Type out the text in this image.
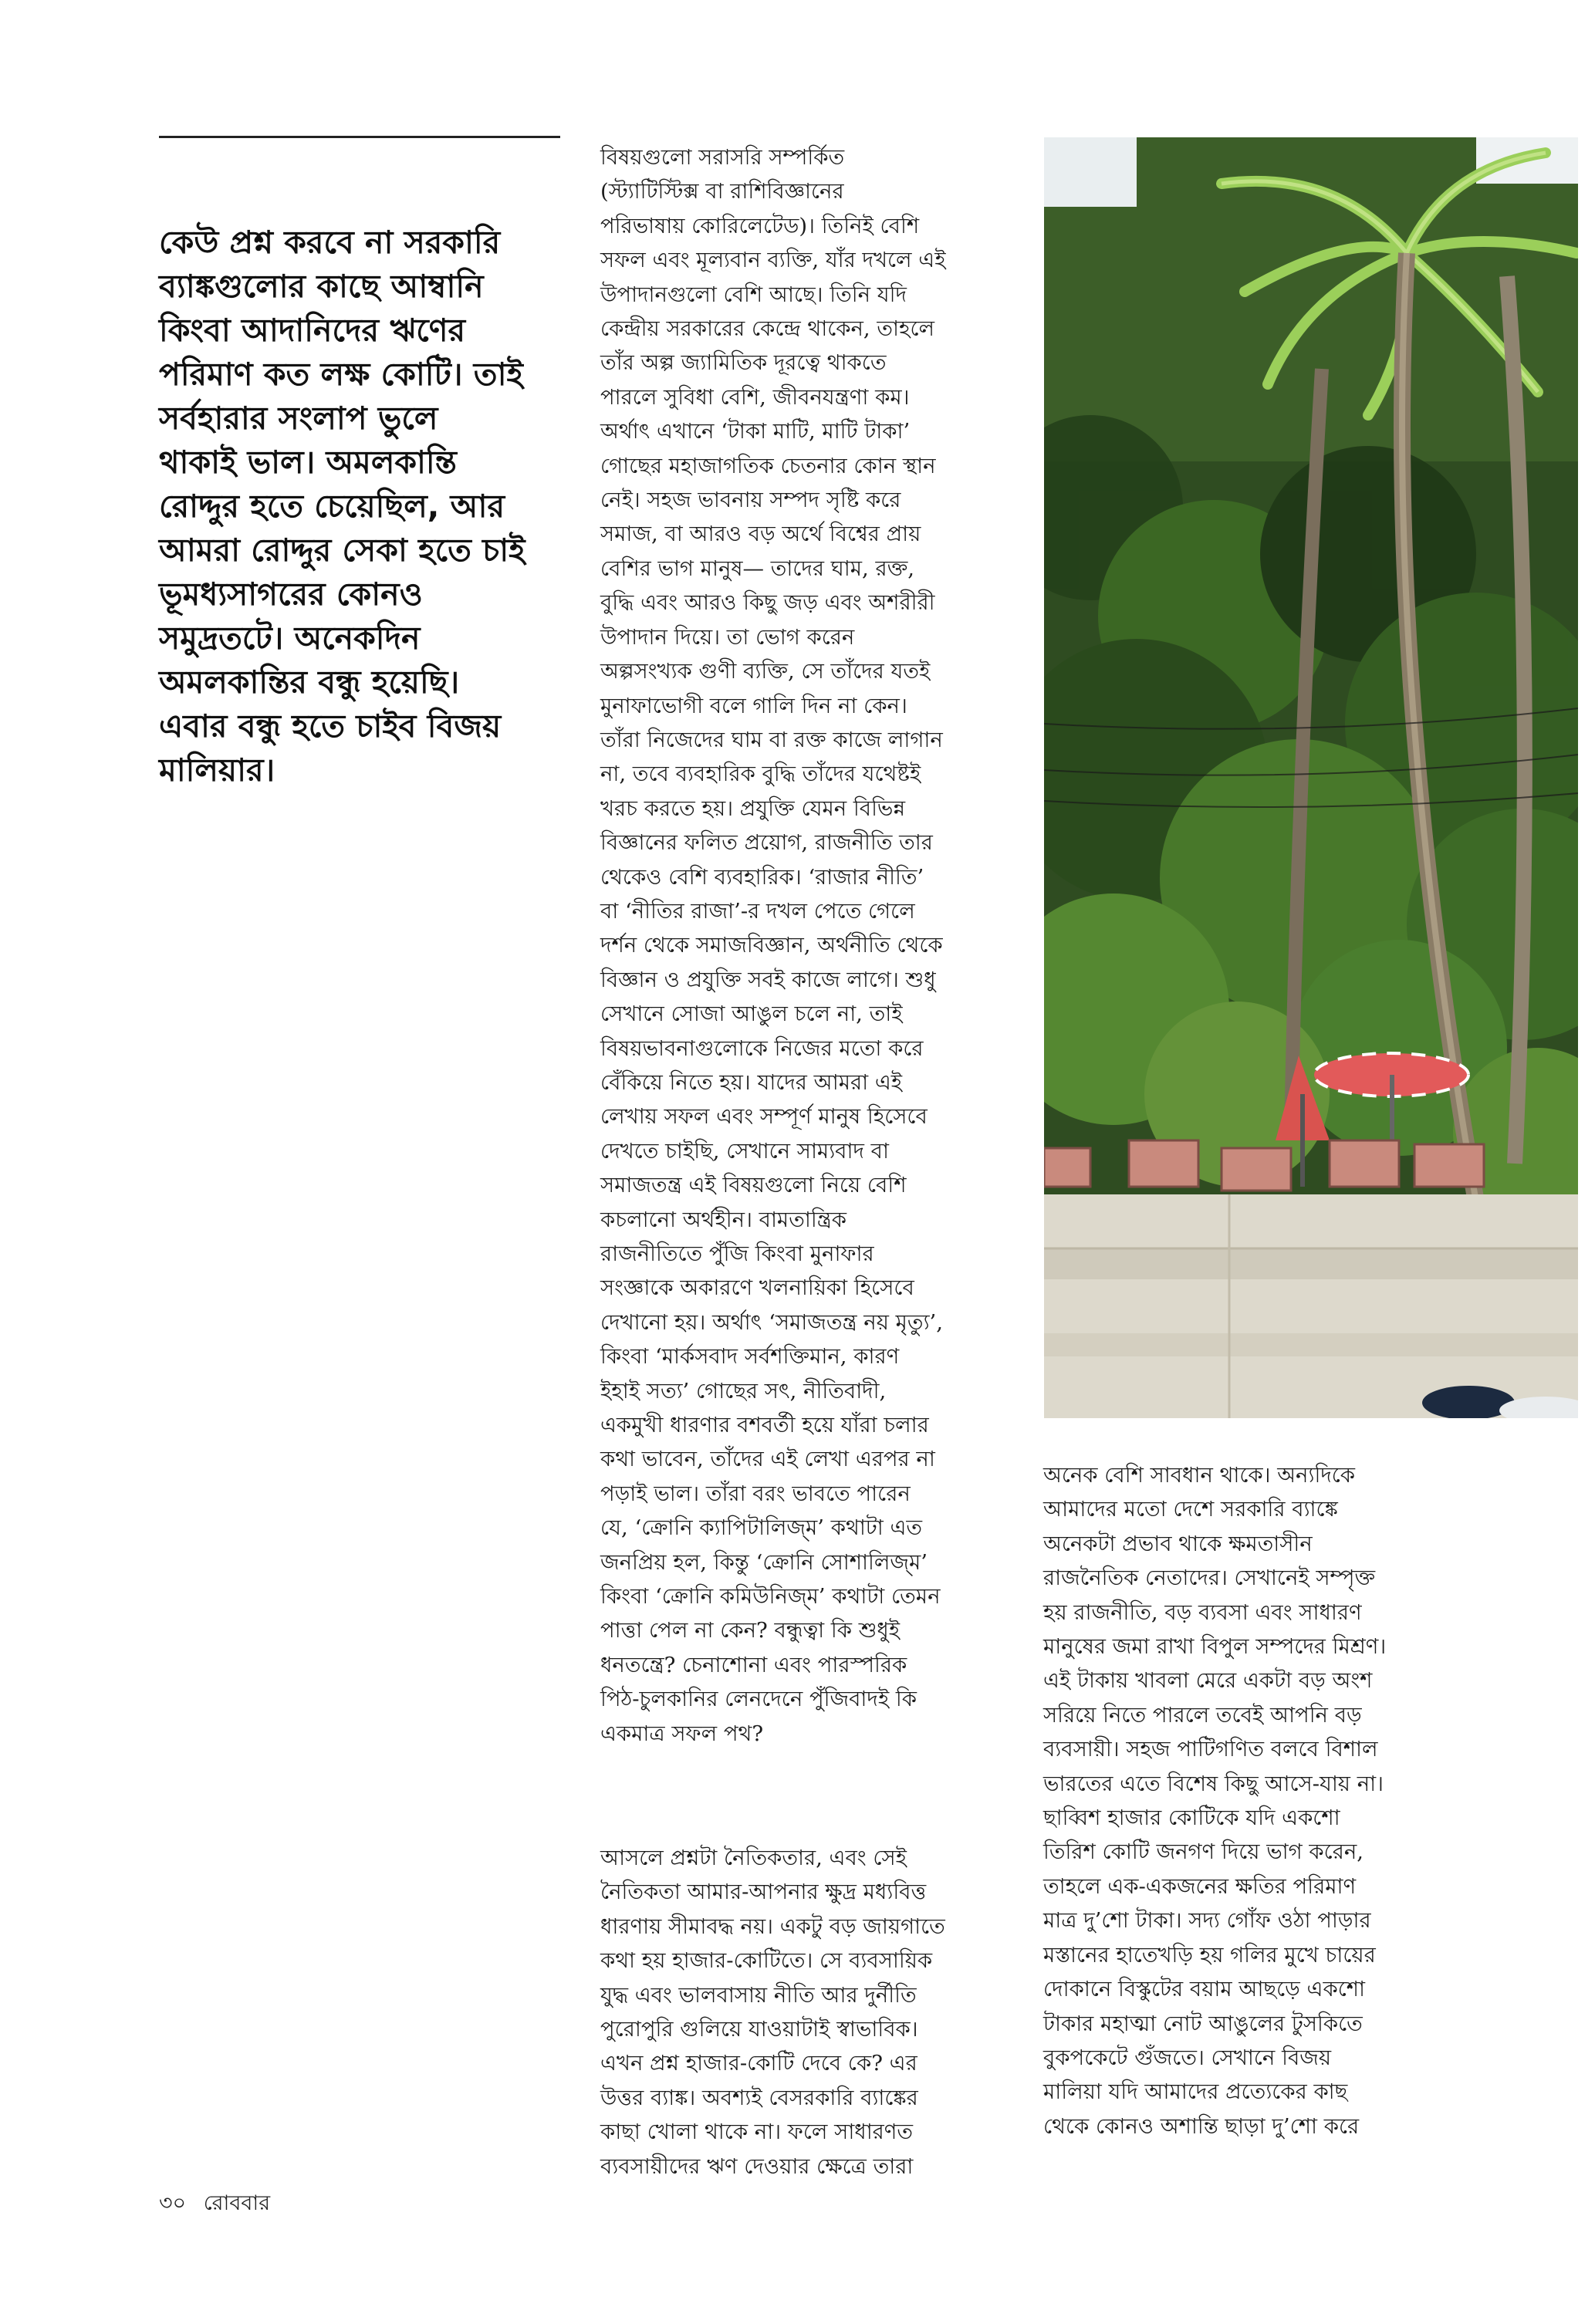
কেউ প্রশ্ন করবে না সরকারি
ব্যাঙ্কগুলোর কাছে আম্বানি
কিংবা আদানিদের ঋণের
পরিমাণ কত লক্ষ কোটি। তাই
সর্বহারার সংলাপ ভুলে
থাকাই ভাল। অমলকান্তি
রোদ্দুর হতে চেয়েছিল, আর
আমরা রোদ্দুর সেকা হতে চাই
ভূমধ্যসাগরের কোনও
সমুদ্রতটে। অনেকদিন
অমলকান্তির বন্ধু হয়েছি।
এবার বন্ধু হতে চাইব বিজয়
মালিয়ার।
বিষয়গুলো সরাসরি সম্পর্কিত
(স্ট্যাটিস্টিক্স বা রাশিবিজ্ঞানের
পরিভাষায় কোরিলেটেড)। তিনিই বেশি
সফল এবং মূল্যবান ব্যক্তি, যাঁর দখলে এই
উপাদানগুলো বেশি আছে। তিনি যদি
কেন্দ্রীয় সরকারের কেন্দ্রে থাকেন, তাহলে
তাঁর অল্প জ্যামিতিক দূরত্বে থাকতে
পারলে সুবিধা বেশি, জীবনযন্ত্রণা কম।
অর্থাৎ এখানে ‘টাকা মাটি, মাটি টাকা’
গোছের মহাজাগতিক চেতনার কোন স্থান
নেই। সহজ ভাবনায় সম্পদ সৃষ্টি করে
সমাজ, বা আরও বড় অর্থে বিশ্বের প্রায়
বেশির ভাগ মানুষ— তাদের ঘাম, রক্ত,
বুদ্ধি এবং আরও কিছু জড় এবং অশরীরী
উপাদান দিয়ে। তা ভোগ করেন
অল্পসংখ্যক গুণী ব্যক্তি, সে তাঁদের যতই
মুনাফাভোগী বলে গালি দিন না কেন।
তাঁরা নিজেদের ঘাম বা রক্ত কাজে লাগান
না, তবে ব্যবহারিক বুদ্ধি তাঁদের যথেষ্টই
খরচ করতে হয়। প্রযুক্তি যেমন বিভিন্ন
বিজ্ঞানের ফলিত প্রয়োগ, রাজনীতি তার
থেকেও বেশি ব্যবহারিক। ‘রাজার নীতি’
বা ‘নীতির রাজা’-র দখল পেতে গেলে
দর্শন থেকে সমাজবিজ্ঞান, অর্থনীতি থেকে
বিজ্ঞান ও প্রযুক্তি সবই কাজে লাগে। শুধু
সেখানে সোজা আঙুল চলে না, তাই
বিষয়ভাবনাগুলোকে নিজের মতো করে
বেঁকিয়ে নিতে হয়। যাদের আমরা এই
লেখায় সফল এবং সম্পূর্ণ মানুষ হিসেবে
দেখতে চাইছি, সেখানে সাম্যবাদ বা
সমাজতন্ত্র এই বিষয়গুলো নিয়ে বেশি
কচলানো অর্থহীন। বামতান্ত্রিক
রাজনীতিতে পুঁজি কিংবা মুনাফার
সংজ্ঞাকে অকারণে খলনায়িকা হিসেবে
দেখানো হয়। অর্থাৎ ‘সমাজতন্ত্র নয় মৃত্যু’,
কিংবা ‘মার্কসবাদ সর্বশক্তিমান, কারণ
ইহাই সত্য’ গোছের সৎ, নীতিবাদী,
একমুখী ধারণার বশবর্তী হয়ে যাঁরা চলার
কথা ভাবেন, তাঁদের এই লেখা এরপর না
পড়াই ভাল। তাঁরা বরং ভাবতে পারেন
যে, ‘ক্রোনি ক্যাপিটালিজ্‌ম’ কথাটা এত
জনপ্রিয় হল, কিন্তু ‘ক্রোনি সোশালিজ্‌ম’
কিংবা ‘ক্রোনি কমিউনিজ্‌ম’ কথাটা তেমন
পাত্তা পেল না কেন? বন্ধুত্বা কি শুধুই
ধনতন্ত্রে? চেনাশোনা এবং পারস্পরিক
পিঠ-চুলকানির লেনদেনে পুঁজিবাদই কি
একমাত্র সফল পথ?
আসলে প্রশ্নটা নৈতিকতার, এবং সেই
নৈতিকতা আমার-আপনার ক্ষুদ্র মধ্যবিত্ত
ধারণায় সীমাবদ্ধ নয়। একটু বড় জায়গাতে
কথা হয় হাজার-কোটিতে। সে ব্যবসায়িক
যুদ্ধ এবং ভালবাসায় নীতি আর দুর্নীতি
পুরোপুরি গুলিয়ে যাওয়াটাই স্বাভাবিক।
এখন প্রশ্ন হাজার-কোটি দেবে কে? এর
উত্তর ব্যাঙ্ক। অবশ্যই বেসরকারি ব্যাঙ্কের
কাছা খোলা থাকে না। ফলে সাধারণত
ব্যবসায়ীদের ঋণ দেওয়ার ক্ষেত্রে তারা
অনেক বেশি সাবধান থাকে। অন্যদিকে
আমাদের মতো দেশে সরকারি ব্যাঙ্কে
অনেকটা প্রভাব থাকে ক্ষমতাসীন
রাজনৈতিক নেতাদের। সেখানেই সম্পৃক্ত
হয় রাজনীতি, বড় ব্যবসা এবং সাধারণ
মানুষের জমা রাখা বিপুল সম্পদের মিশ্রণ।
এই টাকায় খাবলা মেরে একটা বড় অংশ
সরিয়ে নিতে পারলে তবেই আপনি বড়
ব্যবসায়ী। সহজ পাটিগণিত বলবে বিশাল
ভারতের এতে বিশেষ কিছু আসে-যায় না।
ছাব্বিশ হাজার কোটিকে যদি একশো
তিরিশ কোটি জনগণ দিয়ে ভাগ করেন,
তাহলে এক-একজনের ক্ষতির পরিমাণ
মাত্র দু’শো টাকা। সদ্য গোঁফ ওঠা পাড়ার
মস্তানের হাতেখড়ি হয় গলির মুখে চায়ের
দোকানে বিস্কুটের বয়াম আছড়ে একশো
টাকার মহাত্মা নোট আঙুলের টুসকিতে
বুকপকেটে গুঁজতে। সেখানে বিজয়
মালিয়া যদি আমাদের প্রত্যেকের কাছ
থেকে কোনও অশান্তি ছাড়া দু’শো করে
৩০ রোববার
